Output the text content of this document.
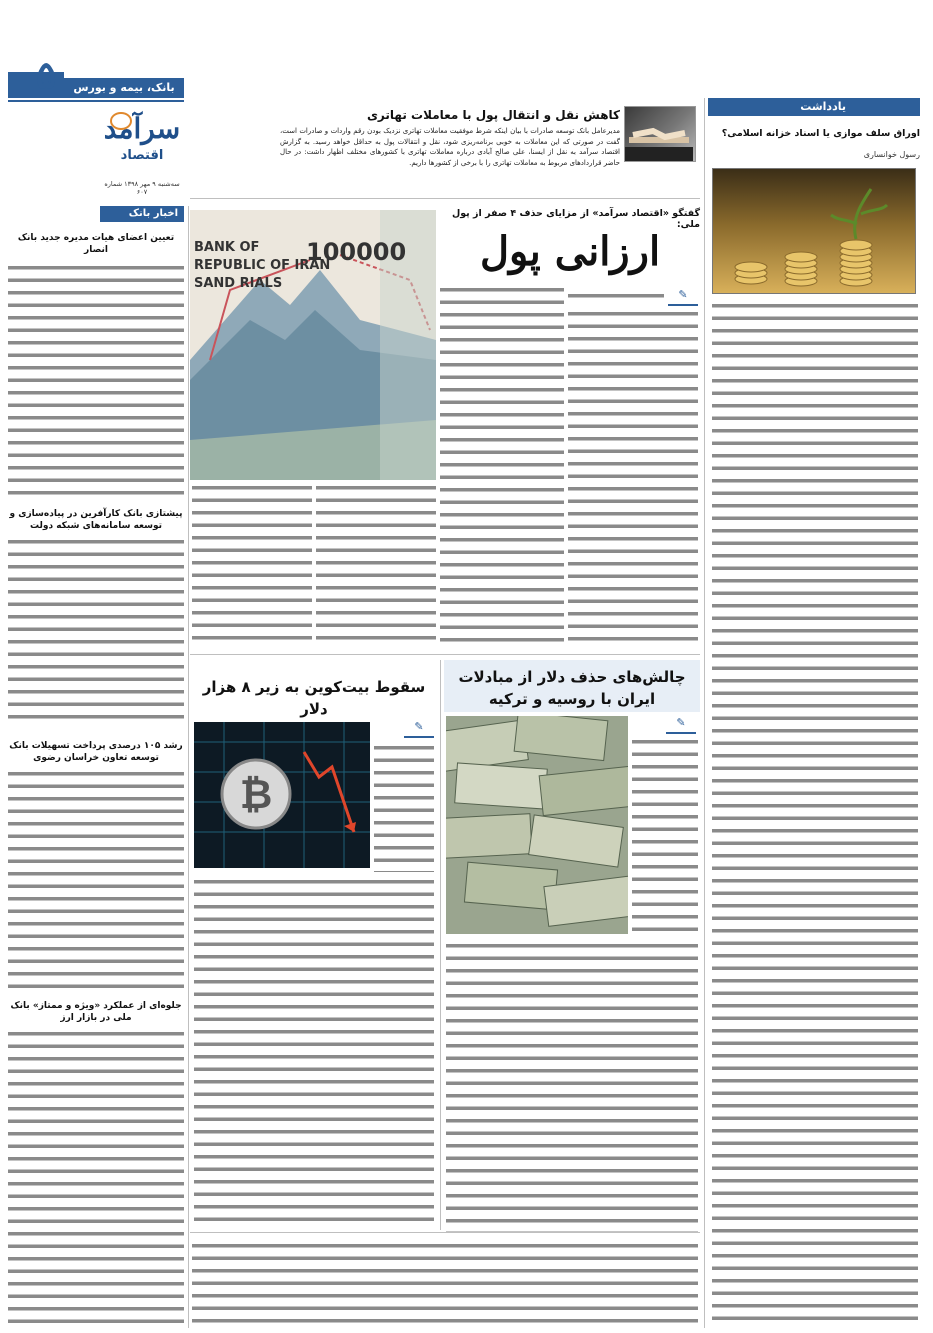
۵	بانک، بیمه و بورس
سرآمد
اقتصاد
سه‌شنبه ۹ مهر ۱۳۹۸ شماره ۶۰۷
کاهش نقل و انتقال پول با معاملات تهاتری
مدیرعامل بانک توسعه صادرات با بیان اینکه شرط موفقیت معاملات تهاتری نزدیک بودن رقم واردات و صادرات است، گفت در صورتی که این معاملات به خوبی برنامه‌ریزی شود، نقل و انتقالات پول به حداقل خواهد رسید. به گزارش اقتصاد سرآمد به نقل از ایسنا، علی صالح آبادی درباره معاملات تهاتری با کشورهای مختلف اظهار داشت: در حال حاضر قراردادهای مربوط به معاملات تهاتری را با برخی از کشورها داریم.
یادداشت
اوراق سلف موازی یا اسناد خزانه اسلامی؟
رسول خوانساری
اخبار بانک
تعیین اعضای هیات مدیره جدید بانک انصار
پیشتازی بانک کارآفرین در پیاده‌سازی و توسعه سامانه‌های شبکه دولت
رشد ۱۰۵ درصدی پرداخت تسهیلات بانک توسعه تعاون خراسان رضوی
جلوه‌ای از عملکرد «ویژه و ممتاز» بانک ملی در بازار ارز
گفتگو «اقتصاد سرآمد» از مزایای حذف ۴ صفر از پول ملی:
ارزانی پول
BANK OF
REPUBLIC OF IRAN
100000
SAND RIALS
✎
چالش‌های حذف دلار از مبادلات ایران با روسیه و ترکیه
✎
سقوط بیت‌کوین به زیر ۸ هزار دلار
✎
₿
